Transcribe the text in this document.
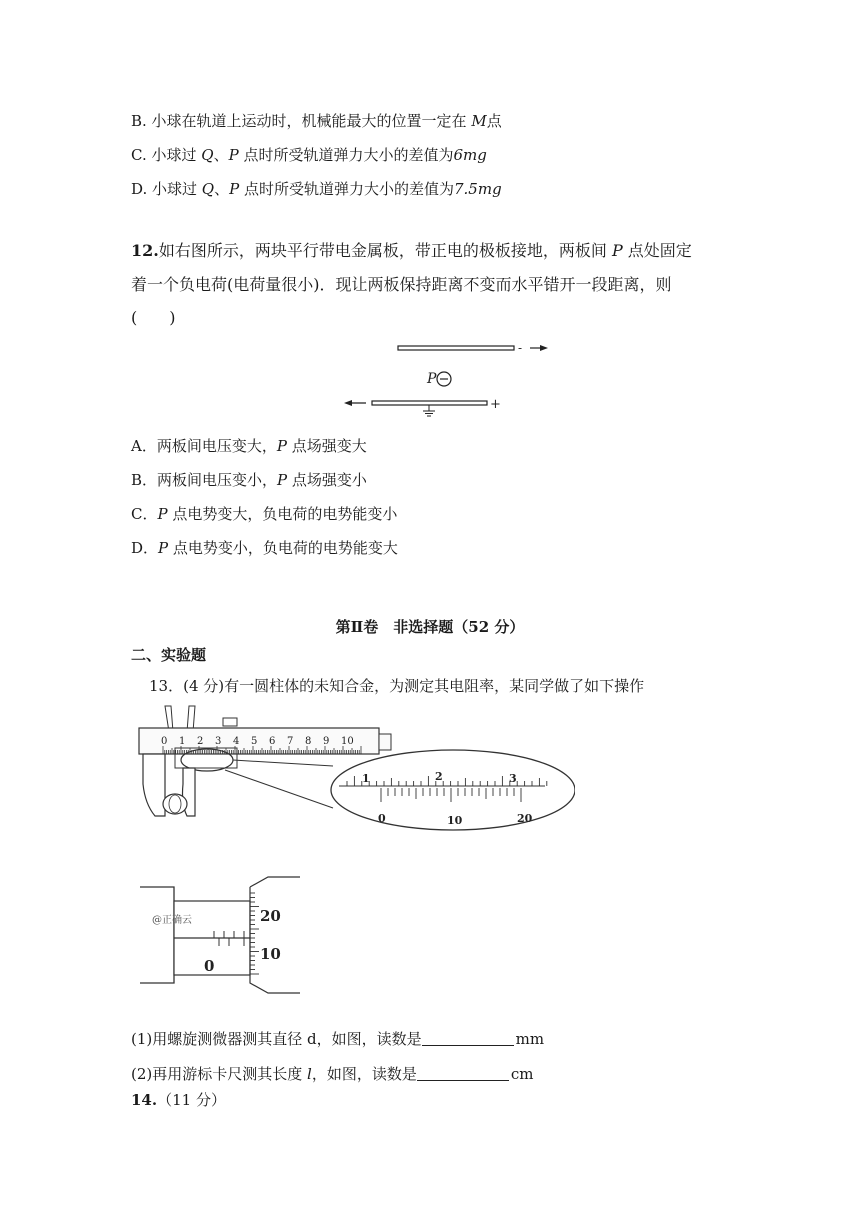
B. 小球在轨道上运动时，机械能最大的位置一定在 M点
C. 小球过 Q、P 点时所受轨道弹力大小的差值为6mg
D. 小球过 Q、P 点时所受轨道弹力大小的差值为7.5mg
12.如右图所示，两块平行带电金属板，带正电的极板接地，两板间 P 点处固定
着一个负电荷(电荷量很小)．现让两板保持距离不变而水平错开一段距离，则
(　　)
-
P
+
A．两板间电压变大，P 点场强变大
B．两板间电压变小，P 点场强变小
C．P 点电势变大，负电荷的电势能变小
D．P 点电势变小，负电荷的电势能变大
第Ⅱ卷　非选择题（52 分）
二、实验题
13．(4 分)有一圆柱体的未知合金，为测定其电阻率，某同学做了如下操作
0 1 2 3 4 5 6 7 8 9 10
1	2	3
0	10	20
0
@正确云	20
10
(1)用螺旋测微器测其直径 d，如图，读数是	mm
(2)再用游标卡尺测其长度 l，如图，读数是	cm
14.（11 分）
